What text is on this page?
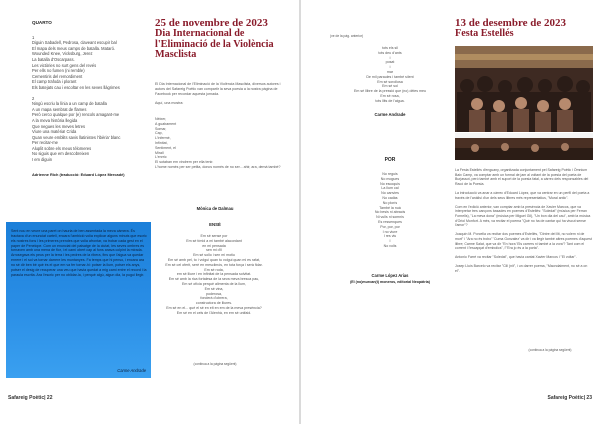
QUARTO

1

Diguin Sabadell, Pedrosa, claveant escupir bal
El mapa dels meus camps de batalla. Mataró.
Wounded Knee, Vicksburg, Jerez
La batalla d'Oscarpass.
Les victòries no surt gens del revés
Per ells no fumen (ni remble)
Cementiris del remordiment
El camp trafoda i plorant
Els batejats cau i escoltar en les seves llàgrimes

2

Ningú escriu la línia a un camp de batalla
A un mapa sembrat de flames
Però cerco qualque por (e) rencols amagant-me
A la meva història llegida
Que negues les meves letres
Viure una matèria! Crida
Quan veure emblits savis llatinistes l'ibèria' blanc
Per recitar-me
Aluplit sobre els meus tèlomeres
No siguis que em descobreixen
I em diguin

Adrienne Rich (traducció: Eduard López Mercadé)

Sent nou en veure una paret on hauria de ben assentada la meva càmera. És tractava d'un enunciat cartell, encara l'ambició volia explicar alguns minuts que escric els nostres fons i les primeres prendes que volia afrontar, va trobar cada gest en el paper de Penelope. Com un enunciat del paisatge de la ciutat, les seves ombres es tornaven amb una mena de flor, i el camí obert cap al fons anava colpint la mirada. Arrosegava els peus per la terra i les pedres de la ribera, fins que l'aigua va quedar enrere i el sol va tornar darrere les muntanyes. Fa temps que hi penso, i encara ara no sé dir ben bé què és el que em va fer tornar-hi: potser la llum, potser els anys, potser el desig de recuperar una veu que havia quedat a mig camí entre el record i la paraula escrita. Ara l'escric per no oblidar-la, i perquè algú, algun dia, la pugui llegir.
Carme Andrade
25 de novembre de 2023
Dia Internacional de l'Eliminació de la Violència Masclista
El Dia Internacional de l'Eliminació de la Violència Masclista, diversos autores i autors del Safareig Poètic van compartir la seva poesia a la nostra pàgina de Facebook per recordar aquesta jornada.

Aquí, una mostra:
Néixer,
A guabament
Somar,
Cap,
L'infermé,
Infinitat,
Sentiment, el
Mirall
L'enrric
El sotaban em vindrem per ella tenir.
L'home només per ser petita, doncs només de no ser... ahir, ara, demà també?
Mònica de Dalmau
ENSÉ
Em sé sense por
Em sé tímid a mi també alacordant
en mi pensada
sen mi d'il
Em sé sollo i sen mi motiu
Em sé amb pel, to i volgui quan tu volgui quan mi es rafat,
Em sé cel oferit, serè en mesclimós, en tota força i serà fidar.
Em sé roda,
em sé lliure i en infinitat de la pensada solvitat.
Em sé amb la rica fortalesa de la seva meva bresca pau,
Em sé ofícia perquè alimenta de la llum,
Em sé vina,
poderosa,
fonderà d'obrera,
constructora de lliures.
Em sé en el... què el sé en elt en em de la meva presència?
Em sé en el cels de l'Alenhà, en em sé unifaid.
(continua a la pàgina següent)
Safareig Poètic| 22
(ve de la pàg. anterior)
tots els sil
tots deu d'ants
i
posat
i
mar
De mil paraules i també sílent
Em sé sorollosa
Em sé sol
Em sé llibre de la pressió que (no) dèies meu
Em sé rosa,
tots llits de l'aigua.
Carme Andrade
POR
No reguis
No mogues
No escoquis
La llum cal
No canvies
No cadàs
No plorís
També la nuá
No besis ni abracis
Ni vulls ni somnis
Es ressenques
Por, por, por
I no viure
I res viu
I
No volis
Carme López Arias
(El (no)murcan(t) moneros, editorial Neopàtria)
13 de desembre de 2023
Festa Estellés
La Festa Estellés d'enguany, organitzada conjuntament pel Safareig Poètic i Òmnium Baix Camp, va comptar amb un formal de jam al voltant de la poesia del poeta de Burjassot, però també amb el suport de la poesia fatal, a càrrec dels responsables del Racó de la Poesia.

La introducció va anar a càrrec d'Eduard López, que va centrar en un perfil del poeta a través de l'anàlisi d'un dels seus llibres més representatius, "Mural antic".

Com en l'edició anterior, van comptar amb la presència de Xavier Marcos, que va interpretar tres cançons basades en poemes d'Estellés: "Soledat" (música per Ferran Fornells), "La meva dona" (música per Miguel Gil), "Un bon dia del cau", amb la música d'Oriol Monfort. A més, va recitar el poema "Què no ha de cantar qui ha viscut sense l'amor"?

Joaquín M. Porcella va recitar dos poemes d'Estellés, "Dintre del llit, no volem ni de mort" i "Ara no és trobo" 'Cuma Gonzalez' va dir i va llegir també altres poemes d'aquest llibre; Carme Salat, que va dir "En hora 'Els carrers ni també a la vora'? Tant com el corrent i l'escapçat d'embolics", l'"Era jo és a la porta".

Antonio Farré va recitar "Soledat", que havia cantat Xavier Marcos i "El voltar".

Josep Lluís Barcelo va recitar "Cill (nit", i un darrer poema, "Maondaiment, no sé a on el".
(continua a la pàgina següent)
Safareig Poètic| 23
